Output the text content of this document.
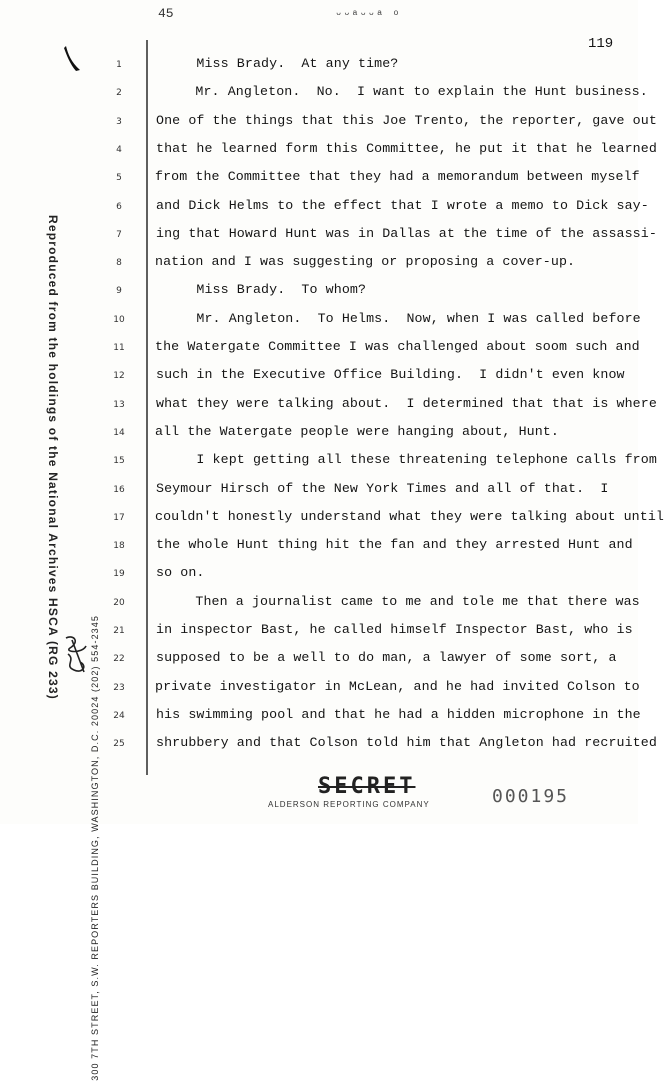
45	ᵕᵕᵃᵕᵕᵃ ᵒ
119
Reproduced from the holdings of the National Archives HSCA (RG 233)
300 7TH STREET, S.W. REPORTERS BUILDING, WASHINGTON, D.C. 20024 (202) 554-2345
Miss Brady.  At any time?
Mr. Angleton.  No.  I want to explain the Hunt business.
One of the things that this Joe Trento, the reporter, gave out
that he learned form this Committee, he put it that he learned
from the Committee that they had a memorandum between myself
and Dick Helms to the effect that I wrote a memo to Dick say-
ing that Howard Hunt was in Dallas at the time of the assassi-
nation and I was suggesting or proposing a cover-up.
Miss Brady.  To whom?
Mr. Angleton.  To Helms.  Now, when I was called before
the Watergate Committee I was challenged about soom such and
such in the Executive Office Building.  I didn't even know
what they were talking about.  I determined that that is where
all the Watergate people were hanging about, Hunt.
I kept getting all these threatening telephone calls from
Seymour Hirsch of the New York Times and all of that.  I
couldn't honestly understand what they were talking about until
the whole Hunt thing hit the fan and they arrested Hunt and
so on.
Then a journalist came to me and tole me that there was
in inspector Bast, he called himself Inspector Bast, who is
supposed to be a well to do man, a lawyer of some sort, a
private investigator in McLean, and he had invited Colson to
his swimming pool and that he had a hidden microphone in the
shrubbery and that Colson told him that Angleton had recruited
SECRET
ALDERSON REPORTING COMPANY	000195
1
2
3
4
5
6
7
8
9
10
11
12
13
14
15
16
17
18
19
20
21
22
23
24
25
